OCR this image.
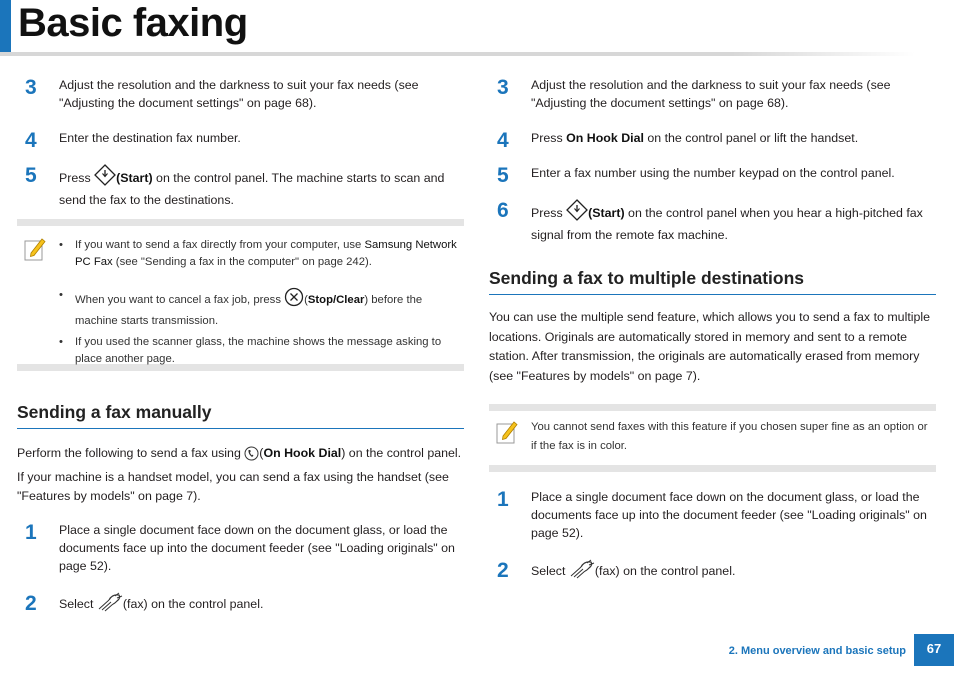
Basic faxing
3	Adjust the resolution and the darkness to suit your fax needs (see "Adjusting the document settings" on page 68).
4	Enter the destination fax number.
5	Press (Start) on the control panel. The machine starts to scan and send the fax to the destinations.
• If you want to send a fax directly from your computer, use Samsung Network PC Fax (see "Sending a fax in the computer" on page 242).
• When you want to cancel a fax job, press (Stop/Clear) before the machine starts transmission.
• If you used the scanner glass, the machine shows the message asking to place another page.
Sending a fax manually
Perform the following to send a fax using (On Hook Dial) on the control panel. If your machine is a handset model, you can send a fax using the handset (see "Features by models" on page 7).
1	Place a single document face down on the document glass, or load the documents face up into the document feeder (see "Loading originals" on page 52).
2	Select (fax) on the control panel.
3	Adjust the resolution and the darkness to suit your fax needs (see "Adjusting the document settings" on page 68).
4	Press On Hook Dial on the control panel or lift the handset.
5	Enter a fax number using the number keypad on the control panel.
6	Press (Start) on the control panel when you hear a high-pitched fax signal from the remote fax machine.
Sending a fax to multiple destinations
You can use the multiple send feature, which allows you to send a fax to multiple locations. Originals are automatically stored in memory and sent to a remote station. After transmission, the originals are automatically erased from memory (see "Features by models" on page 7).
You cannot send faxes with this feature if you chosen super fine as an option or if the fax is in color.
1	Place a single document face down on the document glass, or load the documents face up into the document feeder (see "Loading originals" on page 52).
2	Select (fax) on the control panel.
2. Menu overview and basic setup	67
